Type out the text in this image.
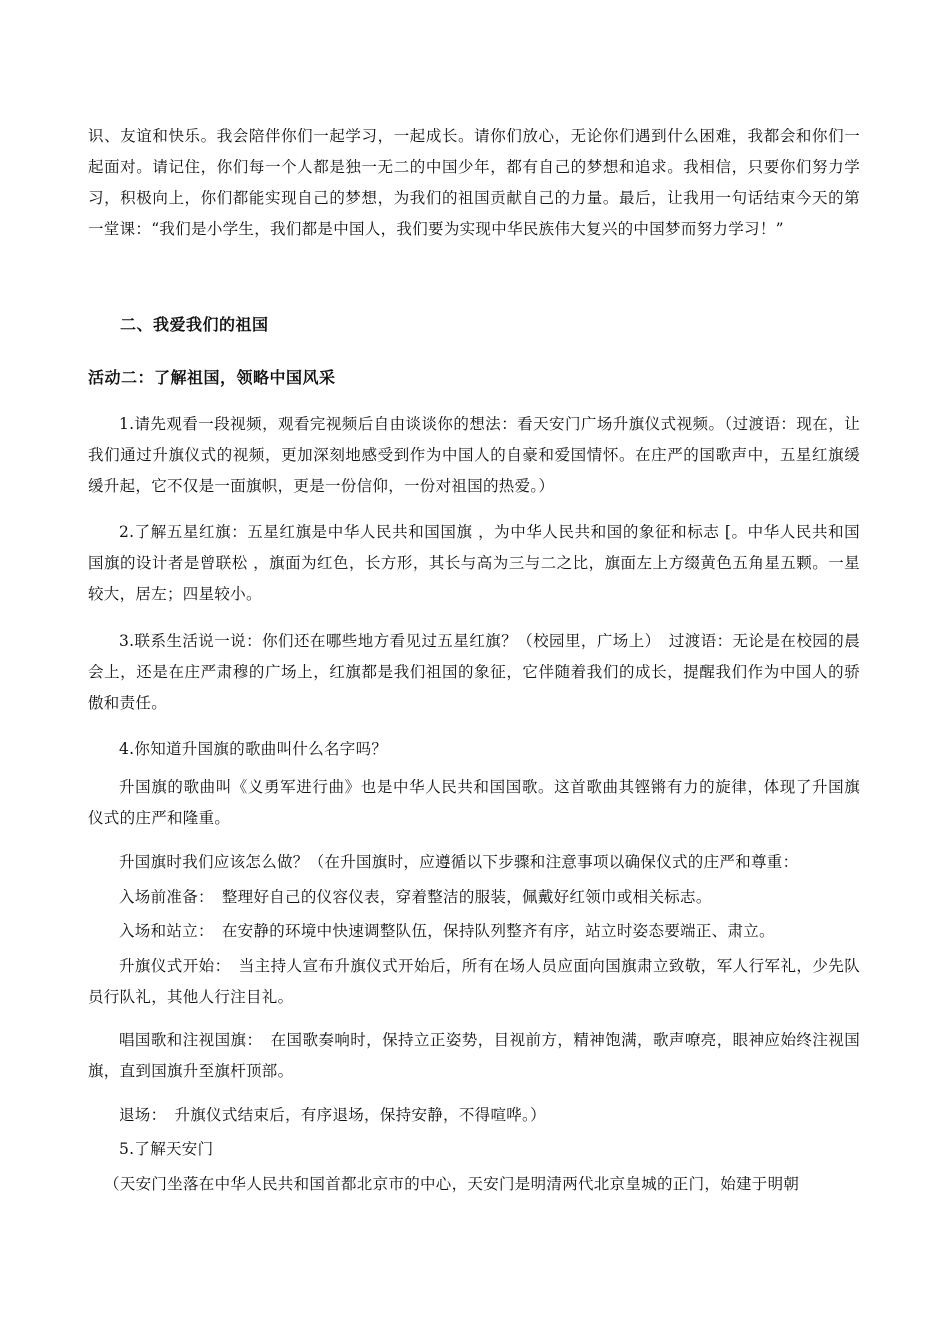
识、友谊和快乐。我会陪伴你们一起学习，一起成长。请你们放心，无论你们遇到什么困难，我都会和你们一起面对。请记住，你们每一个人都是独一无二的中国少年，都有自己的梦想和追求。我相信，只要你们努力学习，积极向上，你们都能实现自己的梦想，为我们的祖国贡献自己的力量。最后，让我用一句话结束今天的第一堂课：“我们是小学生，我们都是中国人，我们要为实现中华民族伟大复兴的中国梦而努力学习！”

二、我爱我们的祖国
活动二：了解祖国，领略中国风采

1.请先观看一段视频，观看完视频后自由谈谈你的想法：看天安门广场升旗仪式视频。（过渡语：现在，让我们通过升旗仪式的视频，更加深刻地感受到作为中国人的自豪和爱国情怀。在庄严的国歌声中，五星红旗缓缓升起，它不仅是一面旗帜，更是一份信仰，一份对祖国的热爱。）

2.了解五星红旗：五星红旗是中华人民共和国国旗 ，为中华人民共和国的象征和标志 [。中华人民共和国国旗的设计者是曾联松 ，旗面为红色，长方形，其长与高为三与二之比，旗面左上方缀黄色五角星五颗。一星较大，居左；四星较小。

3.联系生活说一说：你们还在哪些地方看见过五星红旗？（校园里，广场上）　过渡语：无论是在校园的晨会上，还是在庄严肃穆的广场上，红旗都是我们祖国的象征，它伴随着我们的成长，提醒我们作为中国人的骄傲和责任。

4.你知道升国旗的歌曲叫什么名字吗？

升国旗的歌曲叫《义勇军进行曲》也是中华人民共和国国歌。这首歌曲其铿锵有力的旋律，体现了升国旗仪式的庄严和隆重。

升国旗时我们应该怎么做？（在升国旗时，应遵循以下步骤和注意事项以确保仪式的庄严和尊重：

入场前准备：　整理好自己的仪容仪表，穿着整洁的服装，佩戴好红领巾或相关标志。

入场和站立：　在安静的环境中快速调整队伍，保持队列整齐有序，站立时姿态要端正、肃立。

升旗仪式开始：　当主持人宣布升旗仪式开始后，所有在场人员应面向国旗肃立致敬，军人行军礼，少先队员行队礼，其他人行注目礼。

唱国歌和注视国旗：　在国歌奏响时，保持立正姿势，目视前方，精神饱满，歌声嘹亮，眼神应始终注视国旗，直到国旗升至旗杆顶部。

退场：　升旗仪式结束后，有序退场，保持安静，不得喧哗。）

5.了解天安门

（天安门坐落在中华人民共和国首都北京市的中心，天安门是明清两代北京皇城的正门，始建于明朝
